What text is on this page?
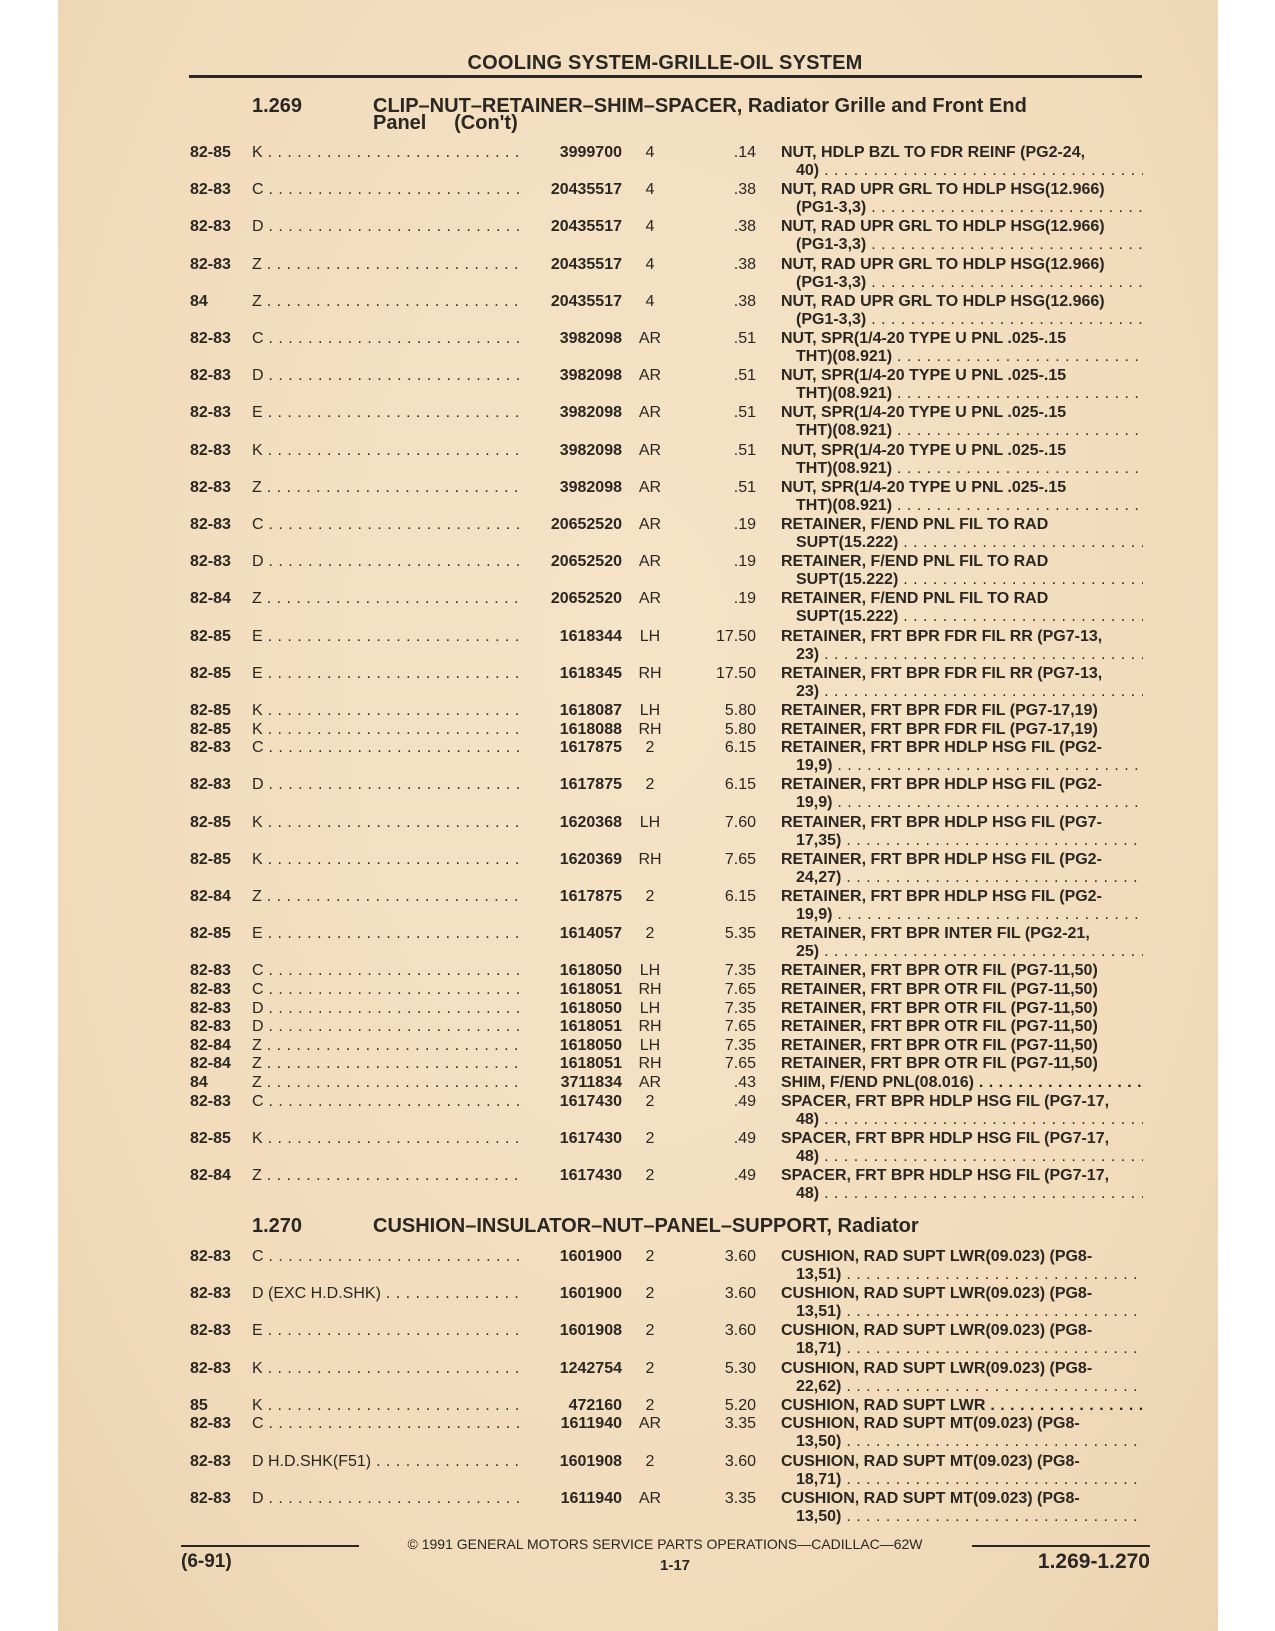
COOLING SYSTEM-GRILLE-OIL SYSTEM
1.269	CLIP–NUT–RETAINER–SHIM–SPACER, Radiator Grille and Front End
Panel     (Con't)
82-85 K . . .	3999700	4	.14 NUT, HDLP BZL TO FDR REINF (PG2-24,
40) . . .
82-83 C . . .	20435517	4	.38 NUT, RAD UPR GRL TO HDLP HSG(12.966)
(PG1-3,3) . . .
82-83 D . . .	20435517	4	.38 NUT, RAD UPR GRL TO HDLP HSG(12.966)
(PG1-3,3) . . .
82-83 Z . . .	20435517	4	.38 NUT, RAD UPR GRL TO HDLP HSG(12.966)
(PG1-3,3) . . .
84	Z . . .	20435517	4	.38 NUT, RAD UPR GRL TO HDLP HSG(12.966)
(PG1-3,3) . . .
82-83 C . . .	3982098	AR	.51 NUT, SPR(1/4-20 TYPE U PNL .025-.15
THT)(08.921) . . .
82-83 D . . .	3982098	AR	.51 NUT, SPR(1/4-20 TYPE U PNL .025-.15
THT)(08.921) . . .
82-83 E . . .	3982098	AR	.51 NUT, SPR(1/4-20 TYPE U PNL .025-.15
THT)(08.921) . . .
82-83 K . . .	3982098	AR	.51 NUT, SPR(1/4-20 TYPE U PNL .025-.15
THT)(08.921) . . .
82-83 Z . . .	3982098	AR	.51 NUT, SPR(1/4-20 TYPE U PNL .025-.15
THT)(08.921) . . .
82-83 C . . .	20652520	AR	.19 RETAINER, F/END PNL FIL TO RAD
SUPT(15.222) . . .
82-83 D . . .	20652520	AR	.19 RETAINER, F/END PNL FIL TO RAD
SUPT(15.222) . . .
82-84 Z . . .	20652520	AR	.19 RETAINER, F/END PNL FIL TO RAD
SUPT(15.222) . . .
82-85 E . . .	1618344	LH	17.50 RETAINER, FRT BPR FDR FIL RR (PG7-13,
23) . . .
82-85 E . . .	1618345	RH	17.50 RETAINER, FRT BPR FDR FIL RR (PG7-13,
23) . . .
82-85 K . . .	1618087	LH	5.80 RETAINER, FRT BPR FDR FIL (PG7-17,19)
82-85 K . . .	1618088	RH	5.80 RETAINER, FRT BPR FDR FIL (PG7-17,19)
82-83 C . . .	1617875	2	6.15 RETAINER, FRT BPR HDLP HSG FIL (PG2-
19,9) . . .
82-83 D . . .	1617875	2	6.15 RETAINER, FRT BPR HDLP HSG FIL (PG2-
19,9) . . .
82-85 K . . .	1620368	LH	7.60 RETAINER, FRT BPR HDLP HSG FIL (PG7-
17,35) . . .
82-85 K . . .	1620369	RH	7.65 RETAINER, FRT BPR HDLP HSG FIL (PG2-
24,27) . . .
82-84 Z . . .	1617875	2	6.15 RETAINER, FRT BPR HDLP HSG FIL (PG2-
19,9) . . .
82-85 E . . .	1614057	2	5.35 RETAINER, FRT BPR INTER FIL (PG2-21,
25) . . .
82-83 C . . .	1618050	LH	7.35 RETAINER, FRT BPR OTR FIL (PG7-11,50)
82-83 C . . .	1618051	RH	7.65 RETAINER, FRT BPR OTR FIL (PG7-11,50)
82-83 D . . .	1618050	LH	7.35 RETAINER, FRT BPR OTR FIL (PG7-11,50)
82-83 D . . .	1618051	RH	7.65 RETAINER, FRT BPR OTR FIL (PG7-11,50)
82-84 Z . . .	1618050	LH	7.35 RETAINER, FRT BPR OTR FIL (PG7-11,50)
82-84 Z . . .	1618051	RH	7.65 RETAINER, FRT BPR OTR FIL (PG7-11,50)
84	Z . . .	3711834	AR	.43 SHIM, F/END PNL(08.016) . . .
82-83 C . . .	1617430	2	.49 SPACER, FRT BPR HDLP HSG FIL (PG7-17,
48) . . .
82-85 K . . .	1617430	2	.49 SPACER, FRT BPR HDLP HSG FIL (PG7-17,
48) . . .
82-84 Z . . .	1617430	2	.49 SPACER, FRT BPR HDLP HSG FIL (PG7-17,
48) . . .
1.270	CUSHION–INSULATOR–NUT–PANEL–SUPPORT, Radiator
82-83 C . . .	1601900	2	3.60 CUSHION, RAD SUPT LWR(09.023) (PG8-
13,51) . . .
82-83 D (EXC H.D.SHK) . . .	1601900	2	3.60 CUSHION, RAD SUPT LWR(09.023) (PG8-
13,51) . . .
82-83 E . . .	1601908	2	3.60 CUSHION, RAD SUPT LWR(09.023) (PG8-
18,71) . . .
82-83 K . . .	1242754	2	5.30 CUSHION, RAD SUPT LWR(09.023) (PG8-
22,62) . . .
85	K . . .	472160	2	5.20 CUSHION, RAD SUPT LWR . . .
82-83 C . . .	1611940	AR	3.35 CUSHION, RAD SUPT MT(09.023) (PG8-
13,50) . . .
82-83 D H.D.SHK(F51) . . .	1601908	2	3.60 CUSHION, RAD SUPT MT(09.023) (PG8-
18,71) . . .
82-83 D . . .	1611940	AR	3.35 CUSHION, RAD SUPT MT(09.023) (PG8-
13,50) . . .
© 1991 GENERAL MOTORS SERVICE PARTS OPERATIONS—CADILLAC—62W
(6-91)	1-17	1.269-1.270
